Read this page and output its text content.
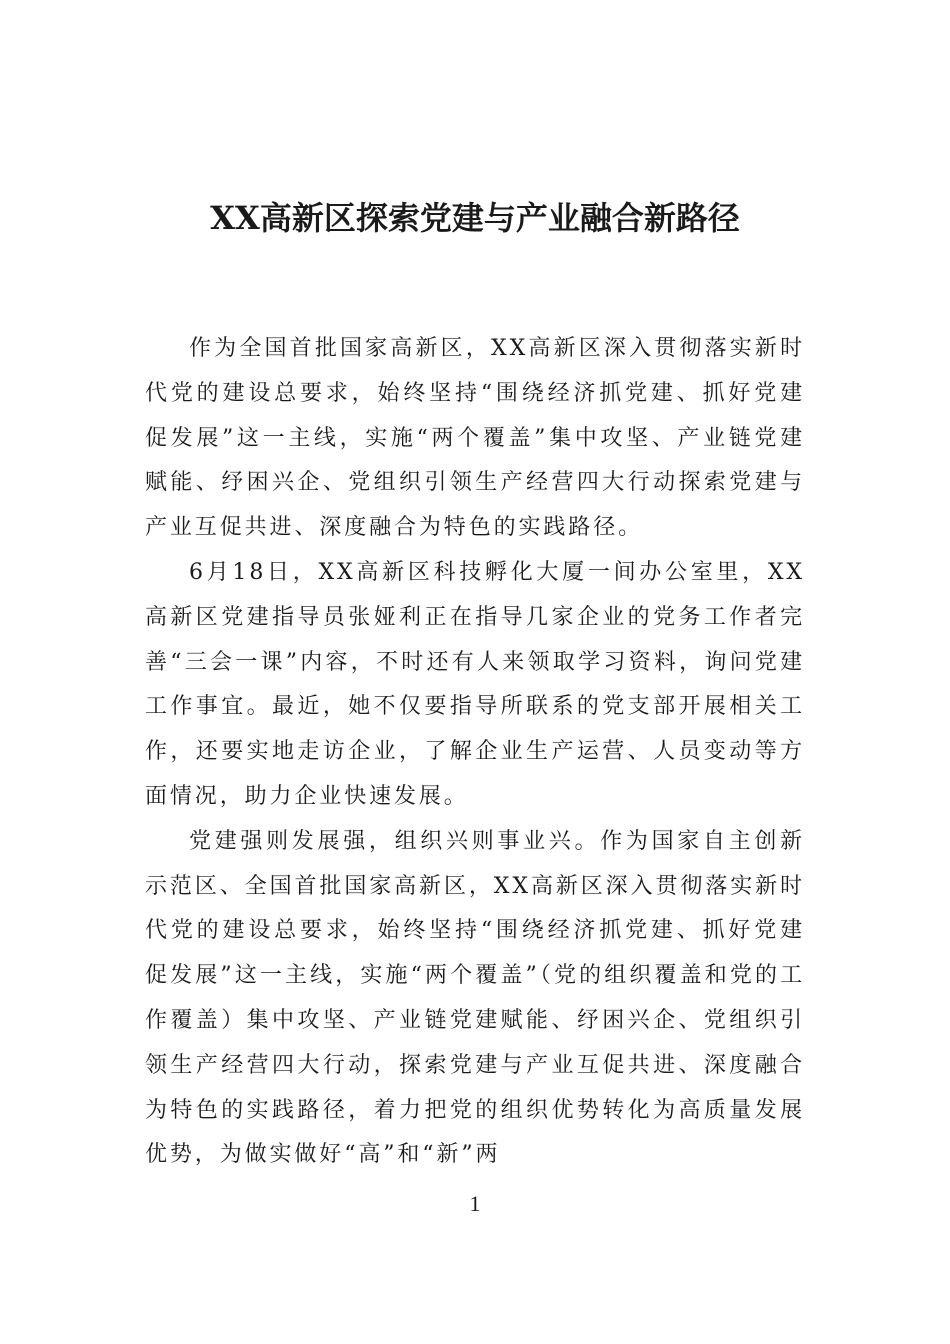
XX高新区探索党建与产业融合新路径

作为全国首批国家高新区，XX高新区深入贯彻落实新时代党的建设总要求，始终坚持“围绕经济抓党建、抓好党建促发展”这一主线，实施“两个覆盖”集中攻坚、产业链党建赋能、纾困兴企、党组织引领生产经营四大行动探索党建与产业互促共进、深度融合为特色的实践路径。

6月18日，XX高新区科技孵化大厦一间办公室里，XX高新区党建指导员张娅利正在指导几家企业的党务工作者完善“三会一课”内容，不时还有人来领取学习资料，询问党建工作事宜。最近，她不仅要指导所联系的党支部开展相关工作，还要实地走访企业，了解企业生产运营、人员变动等方面情况，助力企业快速发展。

党建强则发展强，组织兴则事业兴。作为国家自主创新示范区、全国首批国家高新区，XX高新区深入贯彻落实新时代党的建设总要求，始终坚持“围绕经济抓党建、抓好党建促发展”这一主线，实施“两个覆盖”（党的组织覆盖和党的工作覆盖）集中攻坚、产业链党建赋能、纾困兴企、党组织引领生产经营四大行动，探索党建与产业互促共进、深度融合为特色的实践路径，着力把党的组织优势转化为高质量发展优势，为做实做好“高”和“新”两

1
